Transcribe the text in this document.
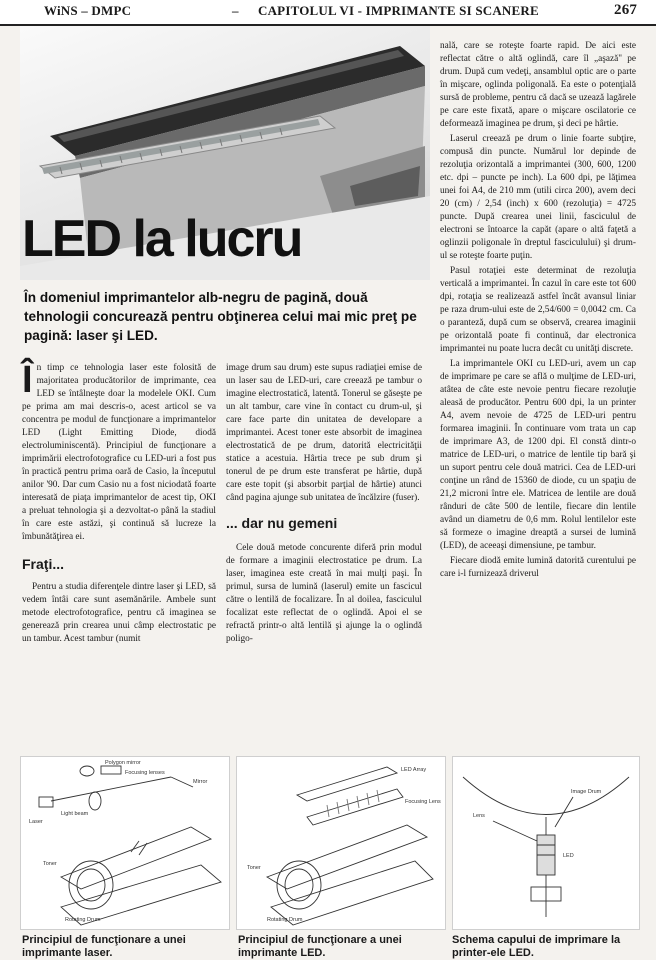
WiNS – DMPC	– CAPITOLUL VI - IMPRIMANTE SI SCANERE	267
LED la lucru
În domeniul imprimantelor alb-negru de pagină, două tehnologii concurează pentru obţinerea celui mai mic preţ pe pagină: laser şi LED.

În timp ce tehnologia laser este folosită de majoritatea producătorilor de imprimante, cea LED se întâlneşte doar la modelele OKI. Cum pe prima am mai descris-o, acest articol se va concentra pe modul de funcţionare a imprimantelor LED (Light Emitting Diode, diodă electroluminiscentă). Principiul de funcţionare a imprimării electrofotografice cu LED-uri a fost pus în practică pentru prima oară de Casio, la începutul anilor '90. Dar cum Casio nu a fost niciodată foarte interesată de piaţa imprimantelor de acest tip, OKI a preluat tehnologia şi a dezvoltat-o până la stadiul în care este astăzi, şi continuă să lucreze la îmbunătăţirea ei.

Fraţi...

Pentru a studia diferenţele dintre laser şi LED, să vedem întâi care sunt asemănările. Ambele sunt metode electrofotografice, pentru că imaginea se generează prin crearea unui câmp electrostatic pe un tambur. Acest tambur (numit

image drum sau drum) este supus radiaţiei emise de un laser sau de LED-uri, care creează pe tambur o imagine electrostatică, latentă. Tonerul se găseşte pe un alt tambur, care vine în contact cu drum-ul, şi care face parte din unitatea de developare a imprimantei. Acest toner este absorbit de imaginea electrostatică de pe drum, datorită electricităţii statice a acestuia. Hârtia trece pe sub drum şi tonerul de pe drum este transferat pe hârtie, după care este topit (şi absorbit parţial de hârtie) atunci când pagina ajunge sub unitatea de încălzire (fuser).

... dar nu gemeni

Cele două metode concurente diferă prin modul de formare a imaginii electrostatice pe drum. La laser, imaginea este creată în mai mulţi paşi. În primul, sursa de lumină (laserul) emite un fascicul către o lentilă de focalizare. În al doilea, fasciculul focalizat este reflectat de o oglindă. Apoi el se refractă printr-o altă lentilă şi ajunge la o oglindă poligo-

nală, care se roteşte foarte rapid. De aici este reflectat către o altă oglindă, care îl „aşază" pe drum. După cum vedeţi, ansamblul optic are o parte în mişcare, oglinda poligonală. Ea este o potenţială sursă de probleme, pentru că dacă se uzează lagărele pe care este fixată, apare o mişcare oscilatorie ce deformează imaginea pe drum, şi deci pe hârtie.

Laserul creează pe drum o linie foarte subţire, compusă din puncte. Numărul lor depinde de rezoluţia orizontală a imprimantei (300, 600, 1200 etc. dpi – puncte pe inch). La 600 dpi, pe lăţimea unei foi A4, de 210 mm (utili circa 200), avem deci 20 (cm) / 2,54 (inch) x 600 (rezoluţia) = 4725 puncte. După crearea unei linii, fasciculul de electroni se întoarce la capăt (apare o altă faţetă a oglinzii poligonale în dreptul fasciculului) şi drum-ul se roteşte foarte puţin.

Pasul rotaţiei este determinat de rezoluţia verticală a imprimantei. În cazul în care este tot 600 dpi, rotaţia se realizează astfel încât avansul liniar pe raza drum-ului este de 2,54/600 = 0,0042 cm. Ca o paranteză, după cum se observă, crearea imaginii pe orizontală poate fi continuă, dar electronica imprimantei nu poate lucra decât cu unităţi discrete.

La imprimantele OKI cu LED-uri, avem un cap de imprimare pe care se află o mulţime de LED-uri, atâtea de câte este nevoie pentru fiecare rezoluţie aleasă de producător. Pentru 600 dpi, la un printer A4, avem nevoie de 4725 de LED-uri pentru formarea imaginii. În continuare vom trata un cap de imprimare A3, de 1200 dpi. El constă dintr-o matrice de LED-uri, o matrice de lentile tip bară şi un suport pentru cele două matrici. Cea de LED-uri conţine un rând de 15360 de diode, cu un spaţiu de 21,2 microni între ele. Matricea de lentile are două rânduri de câte 500 de lentile, fiecare din lentile având un diametru de 0,6 mm. Rolul lentilelor este să formeze o imagine dreaptă a sursei de lumină (LED), de aceeaşi dimensiune, pe tambur.

Fiecare diodă emite lumină datorită curentului pe care i-l furnizează driverul

Polygon mirror
Focusing lenses
Light beam
Mirror
Laser
Toner
Rotating Drum
Principiul de funcţionare a unei imprimante laser.
LED Array
Focusing Lens
Toner
Rotating Drum
Principiul de funcţionare a unei imprimante LED.
Image Drum
LED
Lens
Schema capului de imprimare la printer-ele LED.
